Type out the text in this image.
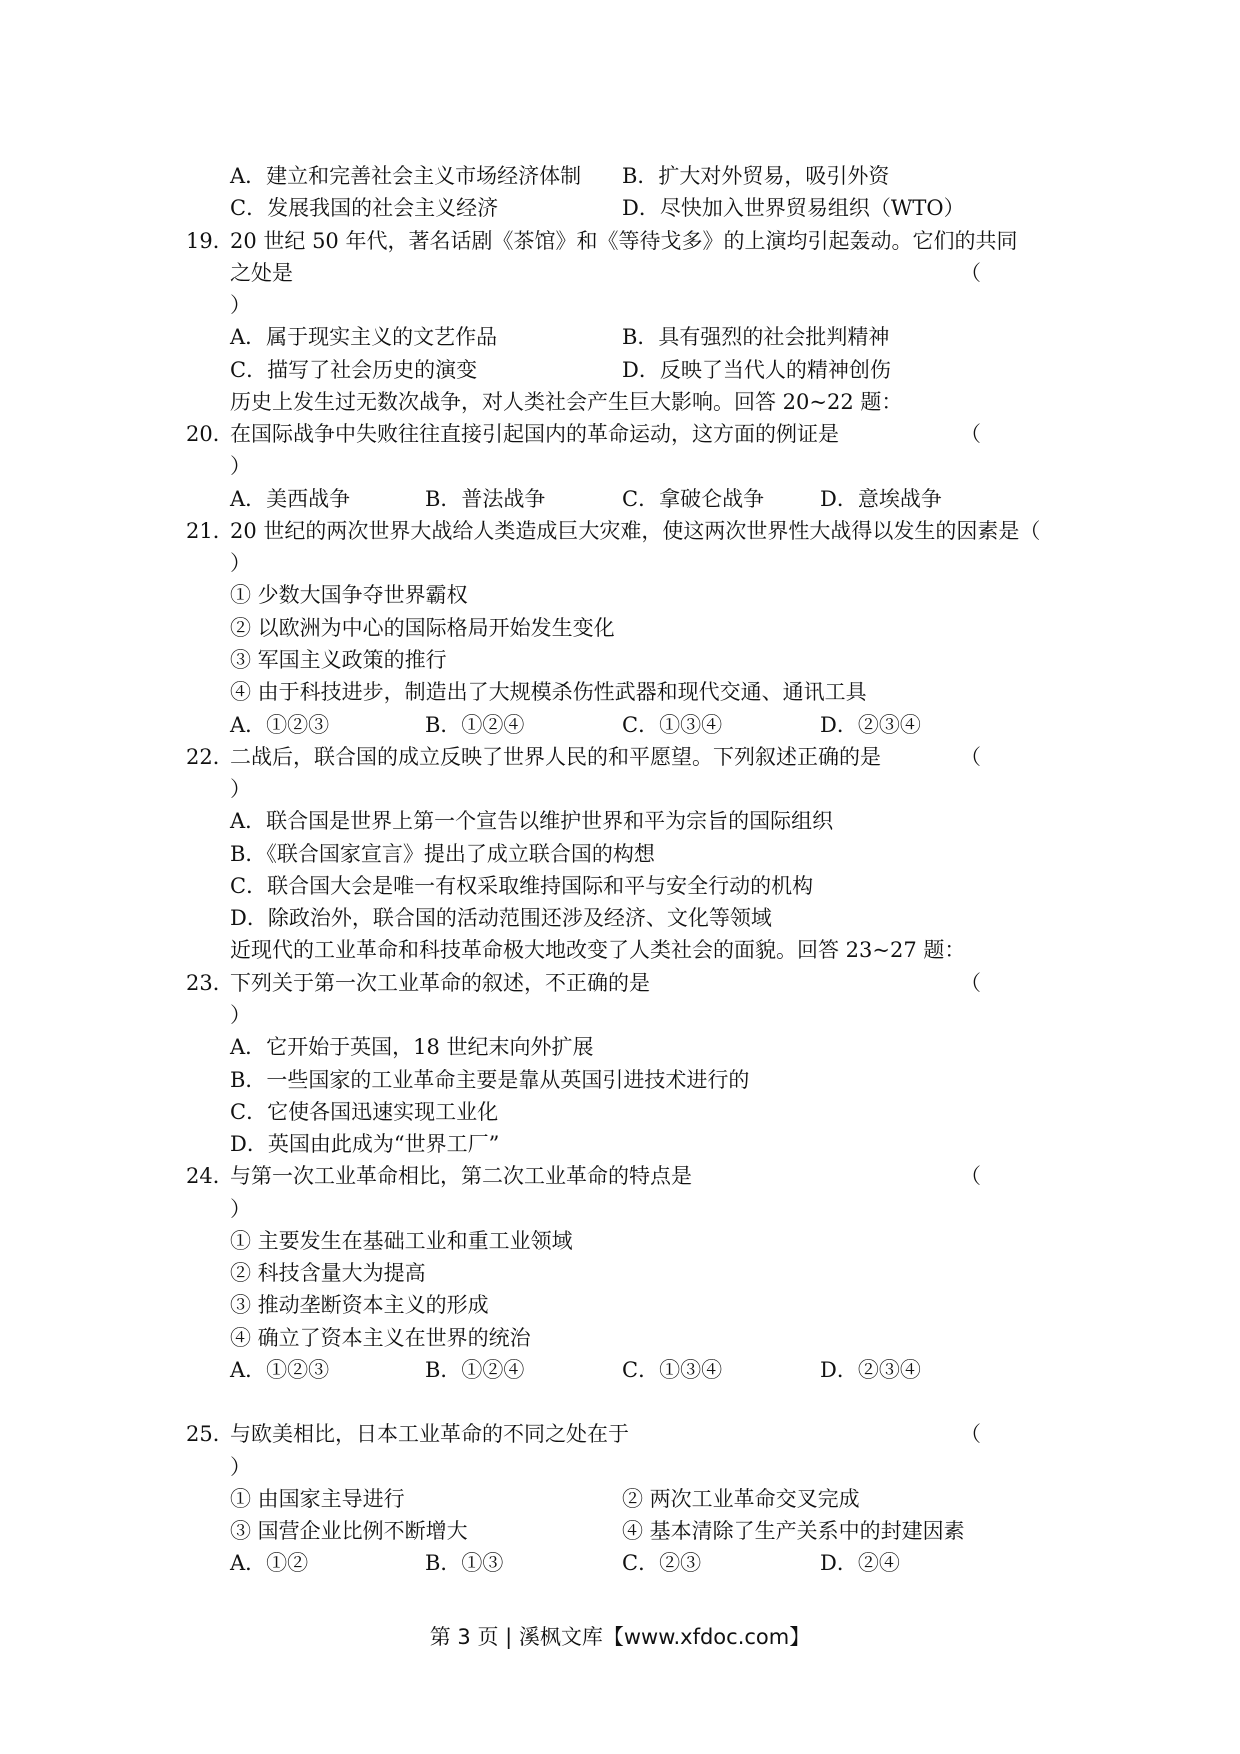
A．建立和完善社会主义市场经济体制 B．扩大对外贸易，吸引外资
C．发展我国的社会主义经济	D．尽快加入世界贸易组织（WTO）
19．
20 世纪 50 年代，著名话剧《茶馆》和《等待戈多》的上演均引起轰动。它们的共同
之处是	（
）
A．属于现实主义的文艺作品	B．具有强烈的社会批判精神
C．描写了社会历史的演变	D．反映了当代人的精神创伤
历史上发生过无数次战争，对人类社会产生巨大影响。回答 20~22 题：
20．
在国际战争中失败往往直接引起国内的革命运动，这方面的例证是	（
）
A．美西战争	B．普法战争	C．拿破仑战争	D．意埃战争
21．
20 世纪的两次世界大战给人类造成巨大灾难，使这两次世界性大战得以发生的因素是（
）
① 少数大国争夺世界霸权
② 以欧洲为中心的国际格局开始发生变化
③ 军国主义政策的推行
④ 由于科技进步，制造出了大规模杀伤性武器和现代交通、通讯工具
A．①②③	B．①②④	C．①③④	D．②③④
22．
二战后，联合国的成立反映了世界人民的和平愿望。下列叙述正确的是	（
）
A．联合国是世界上第一个宣告以维护世界和平为宗旨的国际组织
B．《联合国家宣言》提出了成立联合国的构想
C．联合国大会是唯一有权采取维持国际和平与安全行动的机构
D．除政治外，联合国的活动范围还涉及经济、文化等领域
近现代的工业革命和科技革命极大地改变了人类社会的面貌。回答 23~27 题：
23．
下列关于第一次工业革命的叙述，不正确的是	（
）
A．它开始于英国，18 世纪末向外扩展
B．一些国家的工业革命主要是靠从英国引进技术进行的
C．它使各国迅速实现工业化
D．英国由此成为“世界工厂”
24．
与第一次工业革命相比，第二次工业革命的特点是	（
）
① 主要发生在基础工业和重工业领域
② 科技含量大为提高
③ 推动垄断资本主义的形成
④ 确立了资本主义在世界的统治
A．①②③	B．①②④	C．①③④	D．②③④
25．
与欧美相比，日本工业革命的不同之处在于	（
）
① 由国家主导进行	② 两次工业革命交叉完成
③ 国营企业比例不断增大	④ 基本清除了生产关系中的封建因素
A．①②	B．①③	C．②③	D．②④
第 3 页 | 溪枫文库【www.xfdoc.com】
